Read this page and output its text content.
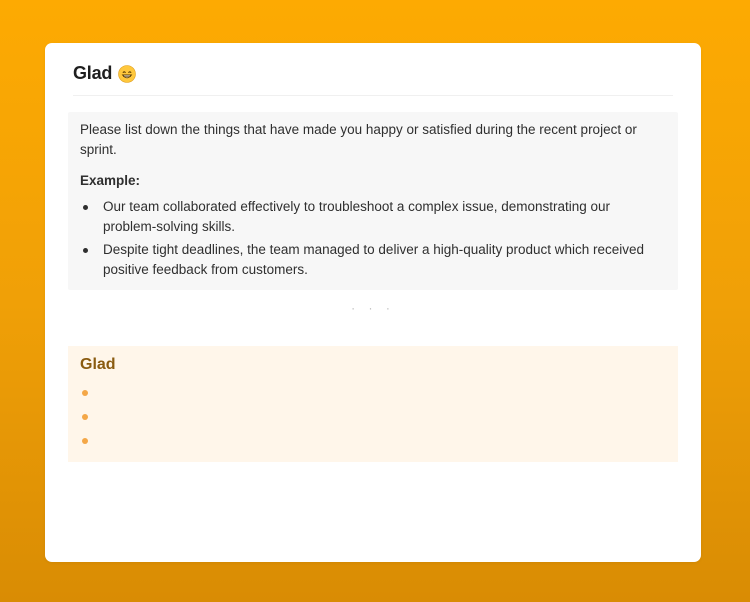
Glad

Please list down the things that have made you happy or satisfied during the recent project or sprint.

Example:

Our team collaborated effectively to troubleshoot a complex issue, demonstrating our problem-solving skills.
Despite tight deadlines, the team managed to deliver a high-quality product which received positive feedback from customers.
· · ·

Glad
